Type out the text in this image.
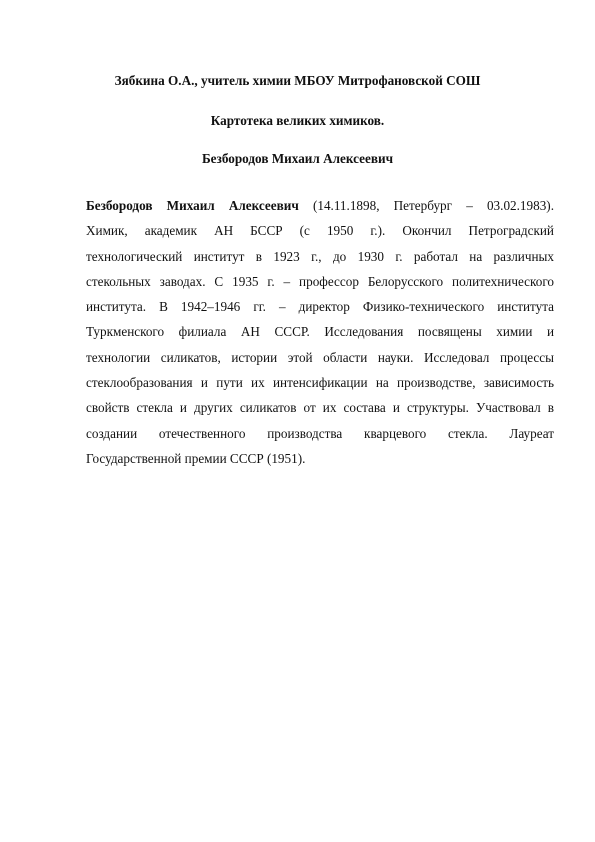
Зябкина О.А., учитель химии МБОУ Митрофановской СОШ
Картотека великих химиков.
Безбородов Михаил Алексеевич
Безбородов Михаил Алексеевич (14.11.1898, Петербург – 03.02.1983).
Химик, академик АН БССР (с 1950 г.). Окончил Петроградский
технологический институт в 1923 г., до 1930 г. работал на различных
стекольных заводах. С 1935 г. – профессор Белорусского политехнического
института. В 1942–1946 гг. – директор Физико-технического института
Туркменского филиала АН СССР. Исследования посвящены химии и
технологии силикатов, истории этой области науки. Исследовал процессы
стеклообразования и пути их интенсификации на производстве, зависимость
свойств стекла и других силикатов от их состава и структуры. Участвовал в
создании отечественного производства кварцевого стекла. Лауреат
Государственной премии СССР (1951).
